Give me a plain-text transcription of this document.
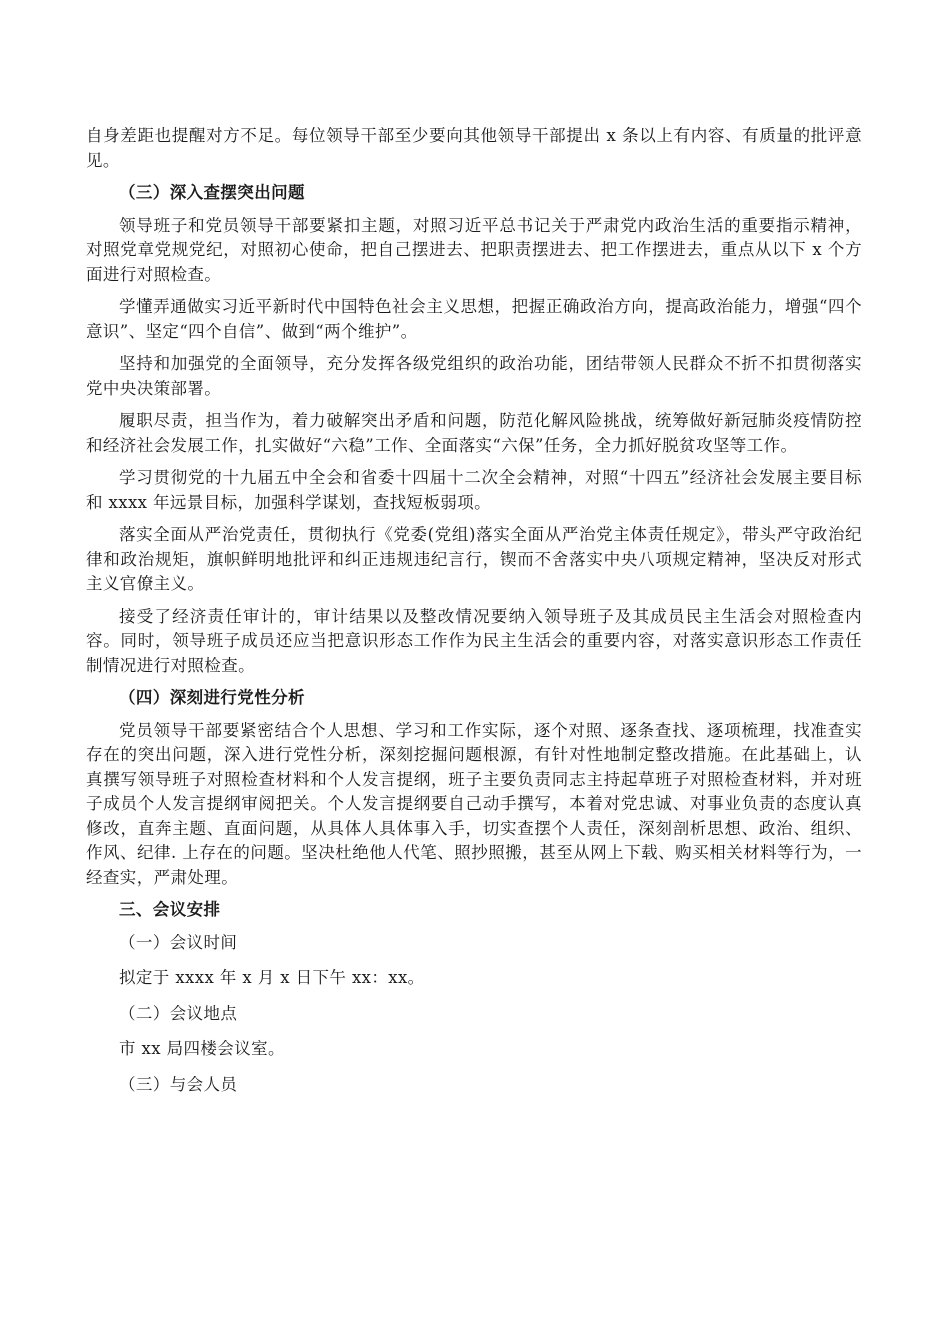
自身差距也提醒对方不足。每位领导干部至少要向其他领导干部提出 x 条以上有内容、有质量的批评意见。

（三）深入查摆突出问题

领导班子和党员领导干部要紧扣主题，对照习近平总书记关于严肃党内政治生活的重要指示精神，对照党章党规党纪，对照初心使命，把自己摆进去、把职责摆进去、把工作摆进去，重点从以下 x 个方面进行对照检查。

学懂弄通做实习近平新时代中国特色社会主义思想，把握正确政治方向，提高政治能力，增强“四个意识”、坚定“四个自信”、做到“两个维护”。

坚持和加强党的全面领导，充分发挥各级党组织的政治功能，团结带领人民群众不折不扣贯彻落实党中央决策部署。

履职尽责，担当作为，着力破解突出矛盾和问题，防范化解风险挑战，统筹做好新冠肺炎疫情防控和经济社会发展工作，扎实做好“六稳”工作、全面落实“六保”任务，全力抓好脱贫攻坚等工作。

学习贯彻党的十九届五中全会和省委十四届十二次全会精神，对照“十四五”经济社会发展主要目标和 xxxx 年远景目标，加强科学谋划，查找短板弱项。

落实全面从严治党责任，贯彻执行《党委(党组)落实全面从严治党主体责任规定》，带头严守政治纪律和政治规矩，旗帜鲜明地批评和纠正违规违纪言行，锲而不舍落实中央八项规定精神，坚决反对形式主义官僚主义。

接受了经济责任审计的，审计结果以及整改情况要纳入领导班子及其成员民主生活会对照检查内容。同时，领导班子成员还应当把意识形态工作作为民主生活会的重要内容，对落实意识形态工作责任制情况进行对照检查。

（四）深刻进行党性分析

党员领导干部要紧密结合个人思想、学习和工作实际，逐个对照、逐条查找、逐项梳理，找准查实存在的突出问题，深入进行党性分析，深刻挖掘问题根源，有针对性地制定整改措施。在此基础上，认真撰写领导班子对照检查材料和个人发言提纲，班子主要负责同志主持起草班子对照检查材料，并对班子成员个人发言提纲审阅把关。个人发言提纲要自己动手撰写，本着对党忠诚、对事业负责的态度认真修改，直奔主题、直面问题，从具体人具体事入手，切实查摆个人责任，深刻剖析思想、政治、组织、作风、纪律. 上存在的问题。坚决杜绝他人代笔、照抄照搬，甚至从网上下载、购买相关材料等行为，一经查实，严肃处理。

三、会议安排

（一）会议时间

拟定于 xxxx 年 x 月 x 日下午 xx：xx。

（二）会议地点

市 xx 局四楼会议室。

（三）与会人员
